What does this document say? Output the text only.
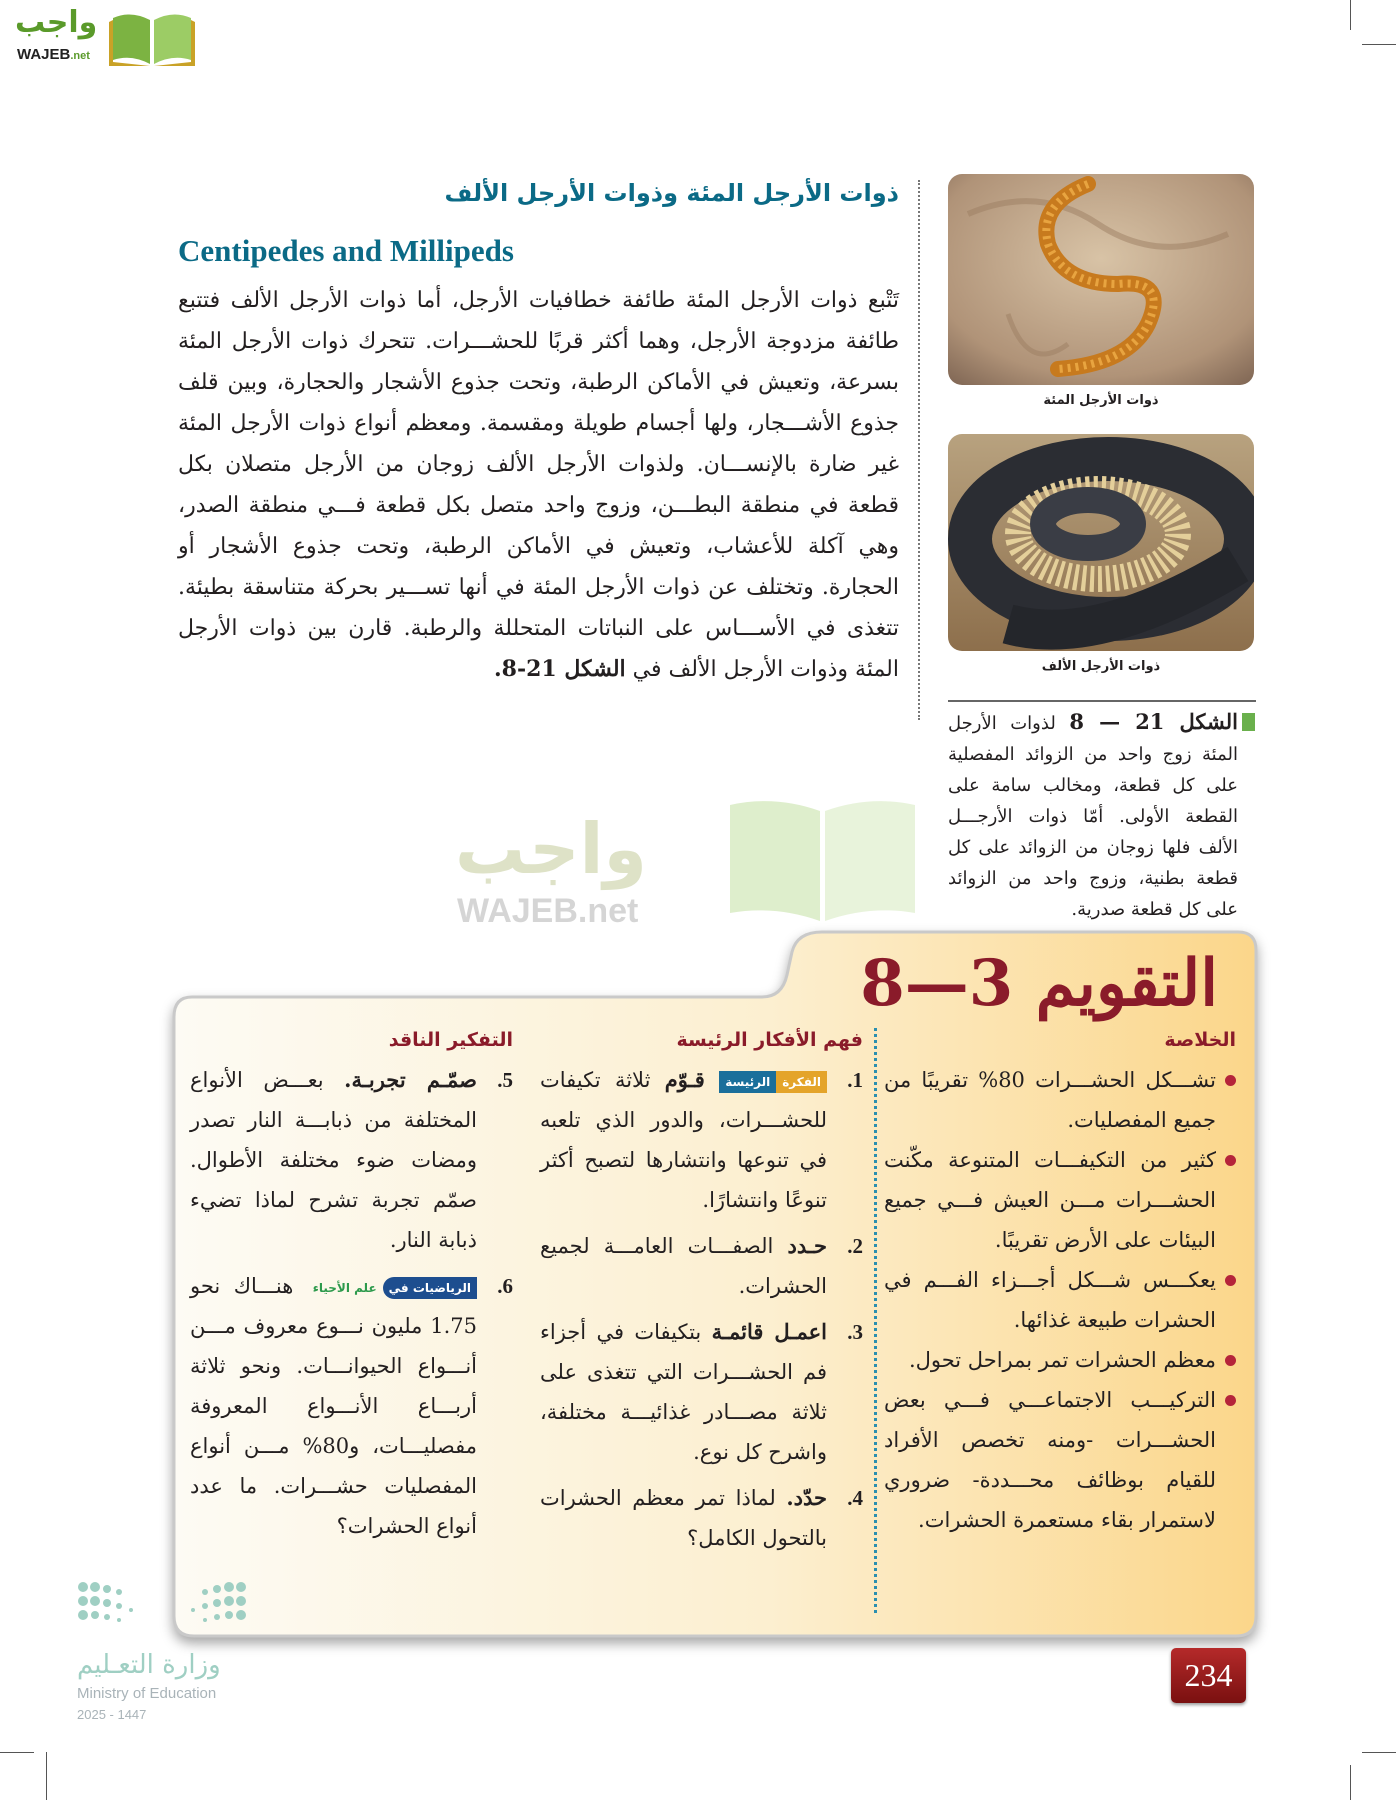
واجب
WAJEB.net
ذوات الأرجل المئة وذوات الأرجل الألف
Centipedes and Millipeds
تَتْبع ذوات الأرجل المئة طائفة خطافيات الأرجل، أما ذوات الأرجل الألف فتتبع طائفة مزدوجة الأرجل، وهما أكثر قربًا للحشـــرات. تتحرك ذوات الأرجل المئة بسرعة، وتعيش في الأماكن الرطبة، وتحت جذوع الأشجار والحجارة، وبين قلف جذوع الأشـــجار، ولها أجسام طويلة ومقسمة. ومعظم أنواع ذوات الأرجل المئة غير ضارة بالإنســـان. ولذوات الأرجل الألف زوجان من الأرجل متصلان بكل قطعة في منطقة البطـــن، وزوج واحد متصل بكل قطعة فـــي منطقة الصدر، وهي آكلة للأعشاب، وتعيش في الأماكن الرطبة، وتحت جذوع الأشجار أو الحجارة. وتختلف عن ذوات الأرجل المئة في أنها تســـير بحركة متناسقة بطيئة. تتغذى في الأســـاس على النباتات المتحللة والرطبة. قارن بين ذوات الأرجل المئة وذوات الأرجل الألف في الشكل 21-8.
ذوات الأرجل المئة
ذوات الأرجل الألف
الشكل 21 — 8 لذوات الأرجل المئة زوج واحد من الزوائد المفصلية على كل قطعة، ومخالب سامة على القطعة الأولى. أمّا ذوات الأرجـــل الألف فلها زوجان من الزوائد على كل قطعة بطنية، وزوج واحد من الزوائد على كل قطعة صدرية.
واجب
WAJEB.net
التقويم 3—8
الخلاصة
تشـــكل الحشـــرات 80% تقريبًا من جميع المفصليات.
كثير من التكيفـــات المتنوعة مكّنت الحشـــرات مـــن العيش فـــي جميع البيئات على الأرض تقريبًا.
يعكـــس شـــكل أجـــزاء الفـــم في الحشرات طبيعة غذائها.
معظم الحشرات تمر بمراحل تحول.
التركيـــب الاجتماعـــي فـــي بعض الحشـــرات -ومنه تخصص الأفراد للقيام بوظائف محـــددة- ضروري لاستمرار بقاء مستعمرة الحشرات.
فهم الأفكار الرئيسة
1.
الفكرةالرئيسة قـوّم ثلاثة تكيفات للحشـــرات، والدور الذي تلعبه في تنوعها وانتشارها لتصبح أكثر تنوعًا وانتشارًا.
2.
حـدد الصفـــات العامـــة لجميع الحشرات.
3.
اعمـل قائمـة بتكيفات في أجزاء فم الحشـــرات التي تتغذى على ثلاثة مصـــادر غذائيـــة مختلفة، واشرح كل نوع.
4.
حدّد. لماذا تمر معظم الحشرات بالتحول الكامل؟
التفكير الناقد
5.
صمّـم تجربـة. بعـــض الأنواع المختلفة من ذبابـــة النار تصدر ومضات ضوء مختلفة الأطوال. صمّم تجربة تشرح لماذا تضيء ذبابة النار.
6.
الرياضيات فيعلم الأحياء هنـــاك نحو 1.75 مليون نـــوع معروف مـــن أنـــواع الحيوانـــات. ونحو ثلاثة أربـــاع الأنـــواع المعروفة مفصليـــات، و80% مـــن أنواع المفصليات حشـــرات. ما عدد أنواع الحشرات؟
234
وزارة التعـليم
Ministry of Education
2025 - 1447
